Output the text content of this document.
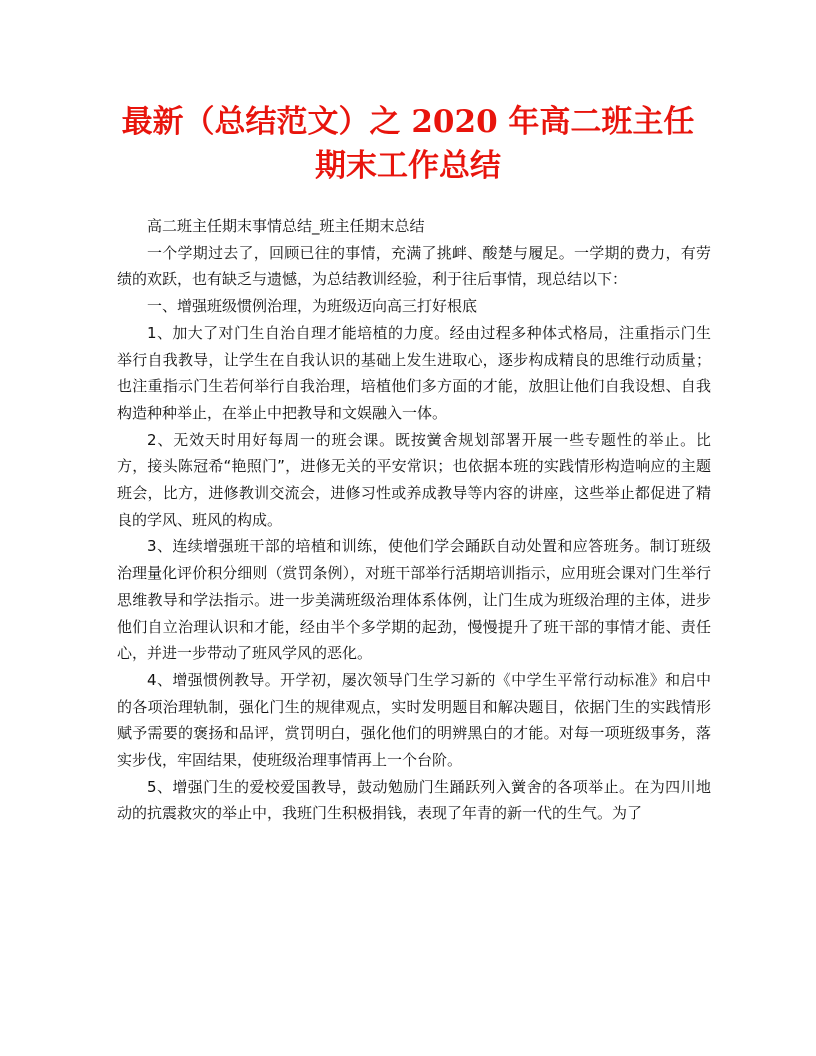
最新（总结范文）之 2020 年高二班主任
期末工作总结

高二班主任期末事情总结_班主任期末总结

一个学期过去了，回顾已往的事情，充满了挑衅、酸楚与履足。一学期的费力，有劳绩的欢跃，也有缺乏与遗憾，为总结教训经验，利于往后事情，现总结以下：

一、增强班级惯例治理，为班级迈向高三打好根底

1、加大了对门生自治自理才能培植的力度。经由过程多种体式格局，注重指示门生举行自我教导，让学生在自我认识的基础上发生进取心，逐步构成精良的思维行动质量；也注重指示门生若何举行自我治理，培植他们多方面的才能，放胆让他们自我设想、自我构造种种举止，在举止中把教导和文娱融入一体。

2、无效天时用好每周一的班会课。既按黉舍规划部署开展一些专题性的举止。比方，接头陈冠希“艳照门”，进修无关的平安常识；也依据本班的实践情形构造响应的主题班会，比方，进修教训交流会，进修习性或养成教导等内容的讲座，这些举止都促进了精良的学风、班风的构成。

3、连续增强班干部的培植和训练，使他们学会踊跃自动处置和应答班务。制订班级治理量化评价积分细则（赏罚条例），对班干部举行活期培训指示，应用班会课对门生举行思维教导和学法指示。进一步美满班级治理体系体例，让门生成为班级治理的主体，进步他们自立治理认识和才能，经由半个多学期的起劲，慢慢提升了班干部的事情才能、责任心，并进一步带动了班风学风的恶化。

4、增强惯例教导。开学初，屡次领导门生学习新的《中学生平常行动标准》和启中的各项治理轨制，强化门生的规律观点，实时发明题目和解决题目，依据门生的实践情形赋予需要的褒扬和品评，赏罚明白，强化他们的明辨黑白的才能。对每一项班级事务，落实步伐，牢固结果，使班级治理事情再上一个台阶。

5、增强门生的爱校爱国教导，鼓动勉励门生踊跃列入黉舍的各项举止。在为四川地动的抗震救灾的举止中，我班门生积极捐钱，表现了年青的新一代的生气。为了
